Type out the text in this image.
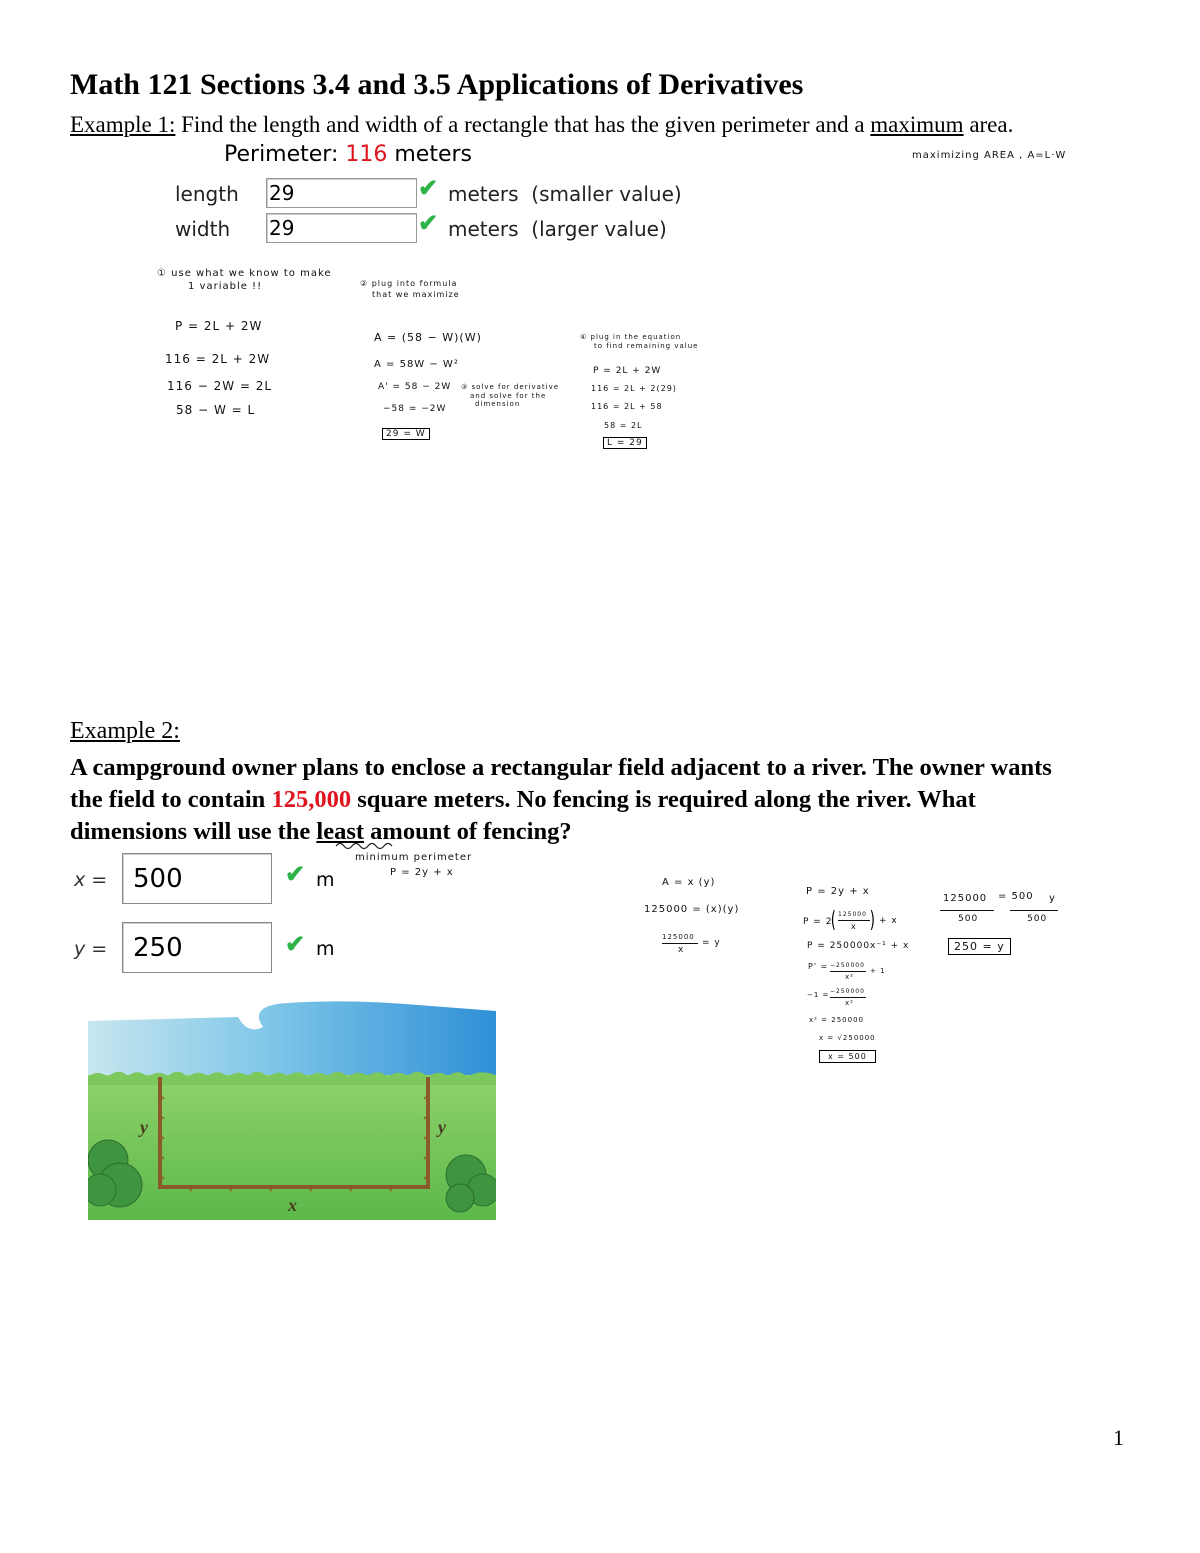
Math 121 Sections 3.4 and 3.5 Applications of Derivatives
Example 1: Find the length and width of a rectangle that has the given perimeter and a maximum area.
Perimeter: 116 meters
length 29	✔ meters  (smaller value)
width 29	✔ meters  (larger value)
maximizing AREA , A=L·W
① use what we know to make
1 variable !!
P = 2L + 2W
116 = 2L + 2W
116 − 2W = 2L
58 − W = L
② plug into formula
that we maximize
A = (58 − W)(W)
A = 58W − W²
A' = 58 − 2W
−58 = −2W
29 = W
③ solve for derivative
and solve for the
dimension
④ plug in the equation
to find remaining value
P = 2L + 2W
116 = 2L + 2(29)
116 = 2L + 58
58 = 2L
L = 29
Example 2:
A campground owner plans to enclose a rectangular field adjacent to a river. The owner wants
the field to contain 125,000 square meters. No fencing is required along the river. What
dimensions will use the least amount of fencing?
minimum perimeter
P = 2y + x
x = 500	✔ m
y = 250	✔ m
y	y
x
A = x (y)
125000 = (x)(y)
125000
x
= y
P = 2y + x
P = 2
( 125000
x ) + x
P = 250000x⁻¹ + x
P' = −250000
x²
+ 1
−1 = −250000
x²
x² = 250000
x = √250000
x = 500
125000 = 500 y
500	500
250 = y
1
